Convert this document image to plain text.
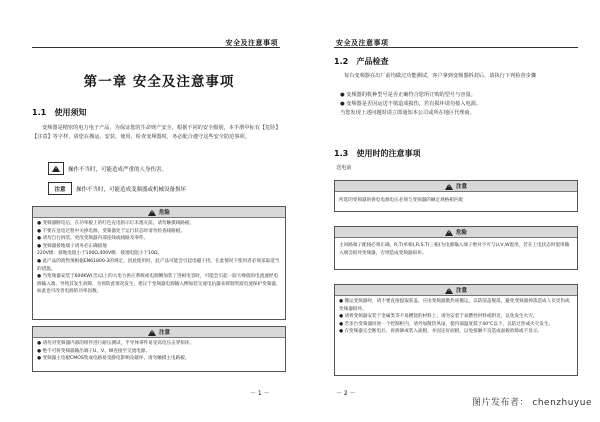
安全及注意事项
第一章 安全及注意事项
1.1 使用须知
变频器是精密的电力电子产品，为保证您的生命财产安全，根据不同的安全级别，本手册中标有【危险】【注意】等字样，请您在搬运、安装、使用、检查变频器时，务必配合遵守这些安全防范事项。
!
操作不当时，可能造成严重的人身伤害。
注意 操作不当时，可能造成变频器或机械设备损坏
!
危险
● 变频器断电后，在功率板上的红色充电指示灯未熄灭前，请勿触摸线路板。
● 不要在送电过程中关掉电源，变频器处于运行状态时请勿检查线路板。
● 请勿自行拆装、更改变频器内部连线或线路及零件。
● 变频器接地端子请务必正确接地
220V级：接地电阻小于100Ω,400V级：接地电阻小于10Ω。
● 此产品的销售须根据EN61800-3的规定，因此使用时，此产品可能会引起电磁干扰，在此情况下使用者必须采取适当的措施。
● 当变频器安装于600KW(含)以上的大电力供应系统或电源侧加装了进相电容时，可能会引起一较大峰值的电流流经电源输入端，导致其发生故障，为预防此情况发生，建议于变频器电源输入侧加装交流电抗器来抑制突波电流保护变频器，如此也可改善电源的功率因数。
!
注意
● 请勿对变频器内部的组件进行耐压测试，半导体零件易受高电压击穿损坏。
● 绝不可将变频器输出端子U、V、W连接至交流电源。
● 变频器主电板CMOS集成电路易受静电影响及破坏，请勿触摸主电路板。
－ 1 －
安全及注意事项
1.2 产品检查
每台变频器在出厂前均做过功能测试，客户拿到变频器拆封后，请执行下列检查步骤
● 变频器的机种型号是否正确符合您所订购的型号与容量。
● 变频器是否因运送不慎造成损伤，若有损坏请勿接入电源。
当您发现上述问题时请立即通知本公司或所在地区代理商。
1.3 使用时的注意事项
送电前
!
注意
所选的变频器的供电电源电压必须与变频器的额定规格相匹配
!
危险
主回路端子配线必须正确，R,T(单相),R,S,T(三相)为电源输入端子绝对不可与U,V,W混用，若在上电状态时混用输入端会损坏变频器，否则造成变频器损坏。
!
注意
● 搬运变频器时，请不要直接提取前盖，应由变频器散热座搬运，以防前盖脱落，避免变频器掉落造成人员受伤或变频器损坏。
● 请将变频器安装于金属类等不易燃烧的材料上，请勿安装于易燃性材料或附近，以免发生火灾。
● 若多台变频器同放一个控制柜内，请外加散热风扇，使内部温度低于40℃以下，以防过热或火灾发生。
● 在变频器完全断电后，再拆卸或装入面板，并固定好面板，以免接触不良造成面板故障或不显示。
－ 2 －
图片发布者： chenzhuyue
